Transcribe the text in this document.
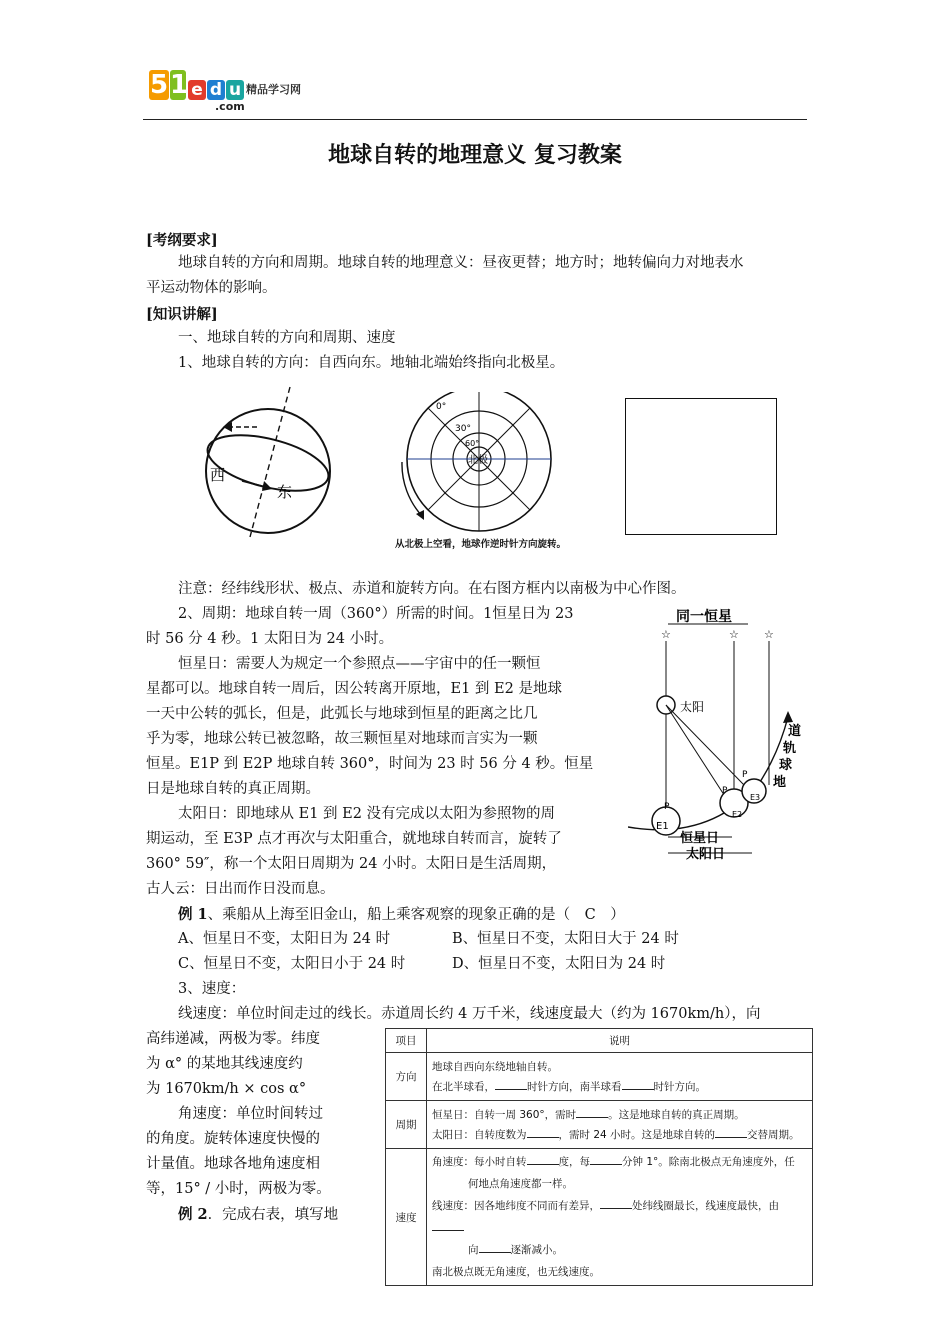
5 1 e d u
.com
精品学习网
地球自转的地理意义 复习教案
[考纲要求]
地球自转的方向和周期。地球自转的地理意义：昼夜更替；地方时；地转偏向力对地表水
平运动物体的影响。
[知识讲解]
一、地球自转的方向和周期、速度
1、地球自转的方向：自西向东。地轴北端始终指向北极星。
西
东
0°
30°
60°
北极
从北极上空看，地球作逆时针方向旋转。
注意：经纬线形状、极点、赤道和旋转方向。在右图方框内以南极为中心作图。
2、周期：地球自转一周（360°）所需的时间。1恒星日为 23
时 56 分 4 秒。1 太阳日为 24 小时。
恒星日：需要人为规定一个参照点——宇宙中的任一颗恒
星都可以。地球自转一周后，因公转离开原地，E1 到 E2 是地球
一天中公转的弧长，但是，此弧长与地球到恒星的距离之比几
乎为零，地球公转已被忽略，故三颗恒星对地球而言实为一颗
恒星。E1P 到 E2P 地球自转 360°，时间为 23 时 56 分 4 秒。恒星
日是地球自转的真正周期。
太阳日：即地球从 E1 到 E2 没有完成以太阳为参照物的周
期运动，至 E3P 点才再次与太阳重合，就地球自转而言，旋转了
360° 59″，称一个太阳日周期为 24 小时。太阳日是生活周期，
古人云：日出而作日没而息。
同一恒星
☆	☆ ☆
太阳
道
轨
球
地
P
P
P
E1
E2
E3
恒星日
太阳日
例 1、乘船从上海至旧金山，船上乘客观察的现象正确的是（　C　）
A、恒星日不变，太阳日为 24 时	B、恒星日不变，太阳日大于 24 时
C、恒星日不变，太阳日小于 24 时	D、恒星日不变，太阳日为 24 时
3、速度：
线速度：单位时间走过的线长。赤道周长约 4 万千米，线速度最大（约为 1670km/h），向
高纬递减，两极为零。纬度
为 α° 的某地其线速度约
为 1670km/h × cos α°
角速度：单位时间转过
的角度。旋转体速度快慢的
计量值。地球各地角速度相
等，15° / 小时，两极为零。
例 2．完成右表，填写地
项目	说明
方向	地球自西向东绕地轴自转。
在北半球看， 时针方向，南半球看 时针方向。

周期	恒星日：自转一周 360°，需时 。这是地球自转的真正周期。
太阳日：自转度数为 ，需时 24 小时。这是地球自转的 交替周期。

速度	角速度：每小时自转 度，每 分钟 1°。除南北极点无角速度外，任
何地点角速度都一样。
线速度：因各地纬度不同而有差异， 处纬线圈最长，线速度最快，由
向 逐渐减小。
南北极点既无角速度，也无线速度。
